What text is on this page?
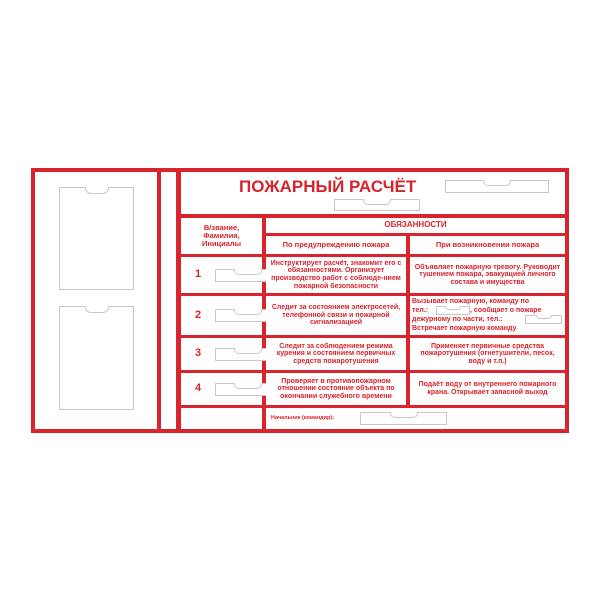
ПОЖАРНЫЙ РАСЧЁТ
В/звание, Фамилия, Инициалы
ОБЯЗАННОСТИ
По предупреждению пожара	При возникновении пожара
1
Инструктирует расчёт, знакомит его с обязанностями. Организует производство работ с соблюде-нием пожарной безопасности
Объявляет пожарную тревогу. Руководит тушением пожара, эвакуацией личного состава и имущества
2
Следит за состоянием электросетей, телефонной связи и пожарной сигнализацией
Вызывает пожарную, команду по
тел.:	, сообщает о пожаре
дежурному по части, тел.:
Встречает пожарную команду
3
Следит за соблюдением режима курения и состоянием первичных средств пожаротушения
Применяет первичные средства пожаротушения (огнетушители, песок, воду и т.п.)
4
Проверяет в противопожарном отношении состояние объекта по окончании служебного времени
Подаёт воду от внутреннего пожарного крана. Открывает запасной выход
Начальник (командир):
